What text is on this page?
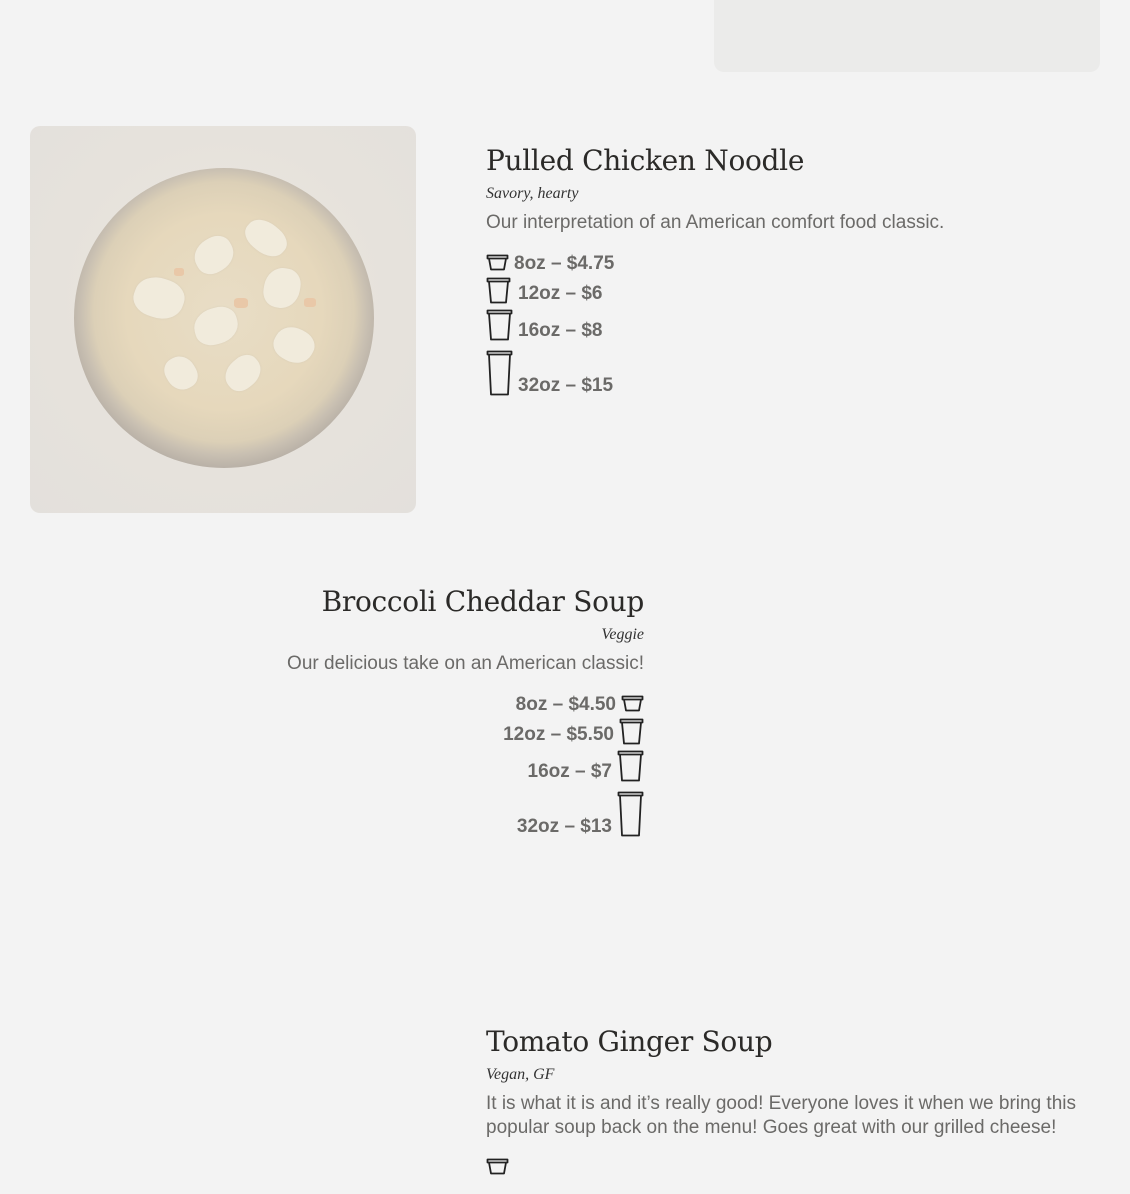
Pulled Chicken Noodle
Savory, hearty
Our interpretation of an American comfort food classic.
8oz – $4.75
12oz – $6
16oz – $8
32oz – $15
Broccoli Cheddar Soup
Veggie
Our delicious take on an American classic!
8oz – $4.50
12oz – $5.50
16oz – $7
32oz – $13
Tomato Ginger Soup
Vegan, GF
It is what it is and it’s really good! Everyone loves it when we bring this popular soup back on the menu! Goes great with our grilled cheese!
